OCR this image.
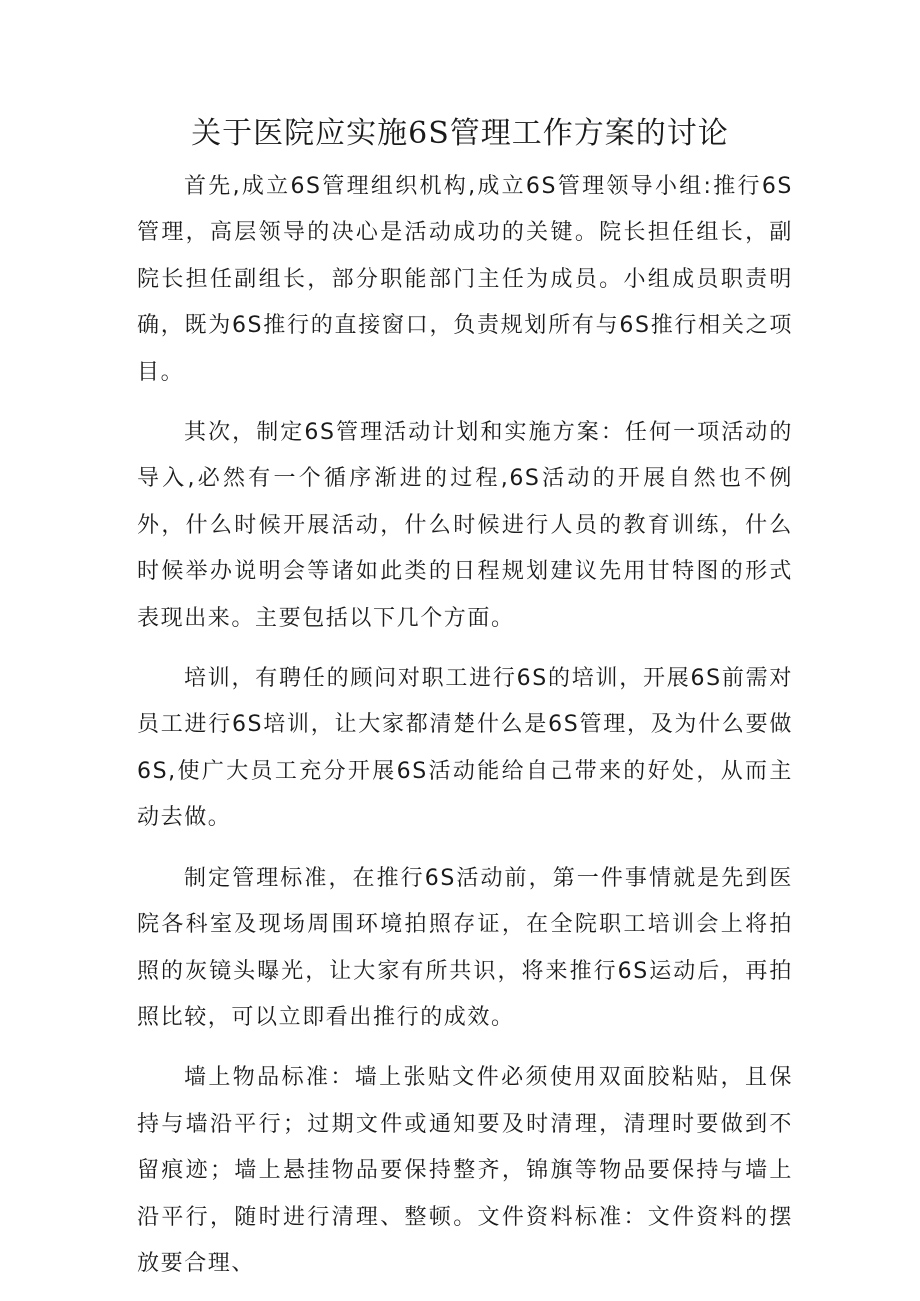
关于医院应实施6S管理工作方案的讨论

首先,成立6S管理组织机构,成立6S管理领导小组:推行6S管理，高层领导的决心是活动成功的关键。院长担任组长，副院长担任副组长，部分职能部门主任为成员。小组成员职责明确，既为6S推行的直接窗口，负责规划所有与6S推行相关之项目。

其次，制定6S管理活动计划和实施方案：任何一项活动的导入,必然有一个循序渐进的过程,6S活动的开展自然也不例外，什么时候开展活动，什么时候进行人员的教育训练，什么时候举办说明会等诸如此类的日程规划建议先用甘特图的形式表现出来。主要包括以下几个方面。

培训，有聘任的顾问对职工进行6S的培训，开展6S前需对员工进行6S培训，让大家都清楚什么是6S管理，及为什么要做6S,使广大员工充分开展6S活动能给自己带来的好处，从而主动去做。

制定管理标准，在推行6S活动前，第一件事情就是先到医院各科室及现场周围环境拍照存证，在全院职工培训会上将拍照的灰镜头曝光，让大家有所共识，将来推行6S运动后，再拍照比较，可以立即看出推行的成效。

墙上物品标准：墙上张贴文件必须使用双面胶粘贴，且保持与墙沿平行；过期文件或通知要及时清理，清理时要做到不留痕迹；墙上悬挂物品要保持整齐，锦旗等物品要保持与墙上沿平行，随时进行清理、整顿。文件资料标准：文件资料的摆放要合理、
